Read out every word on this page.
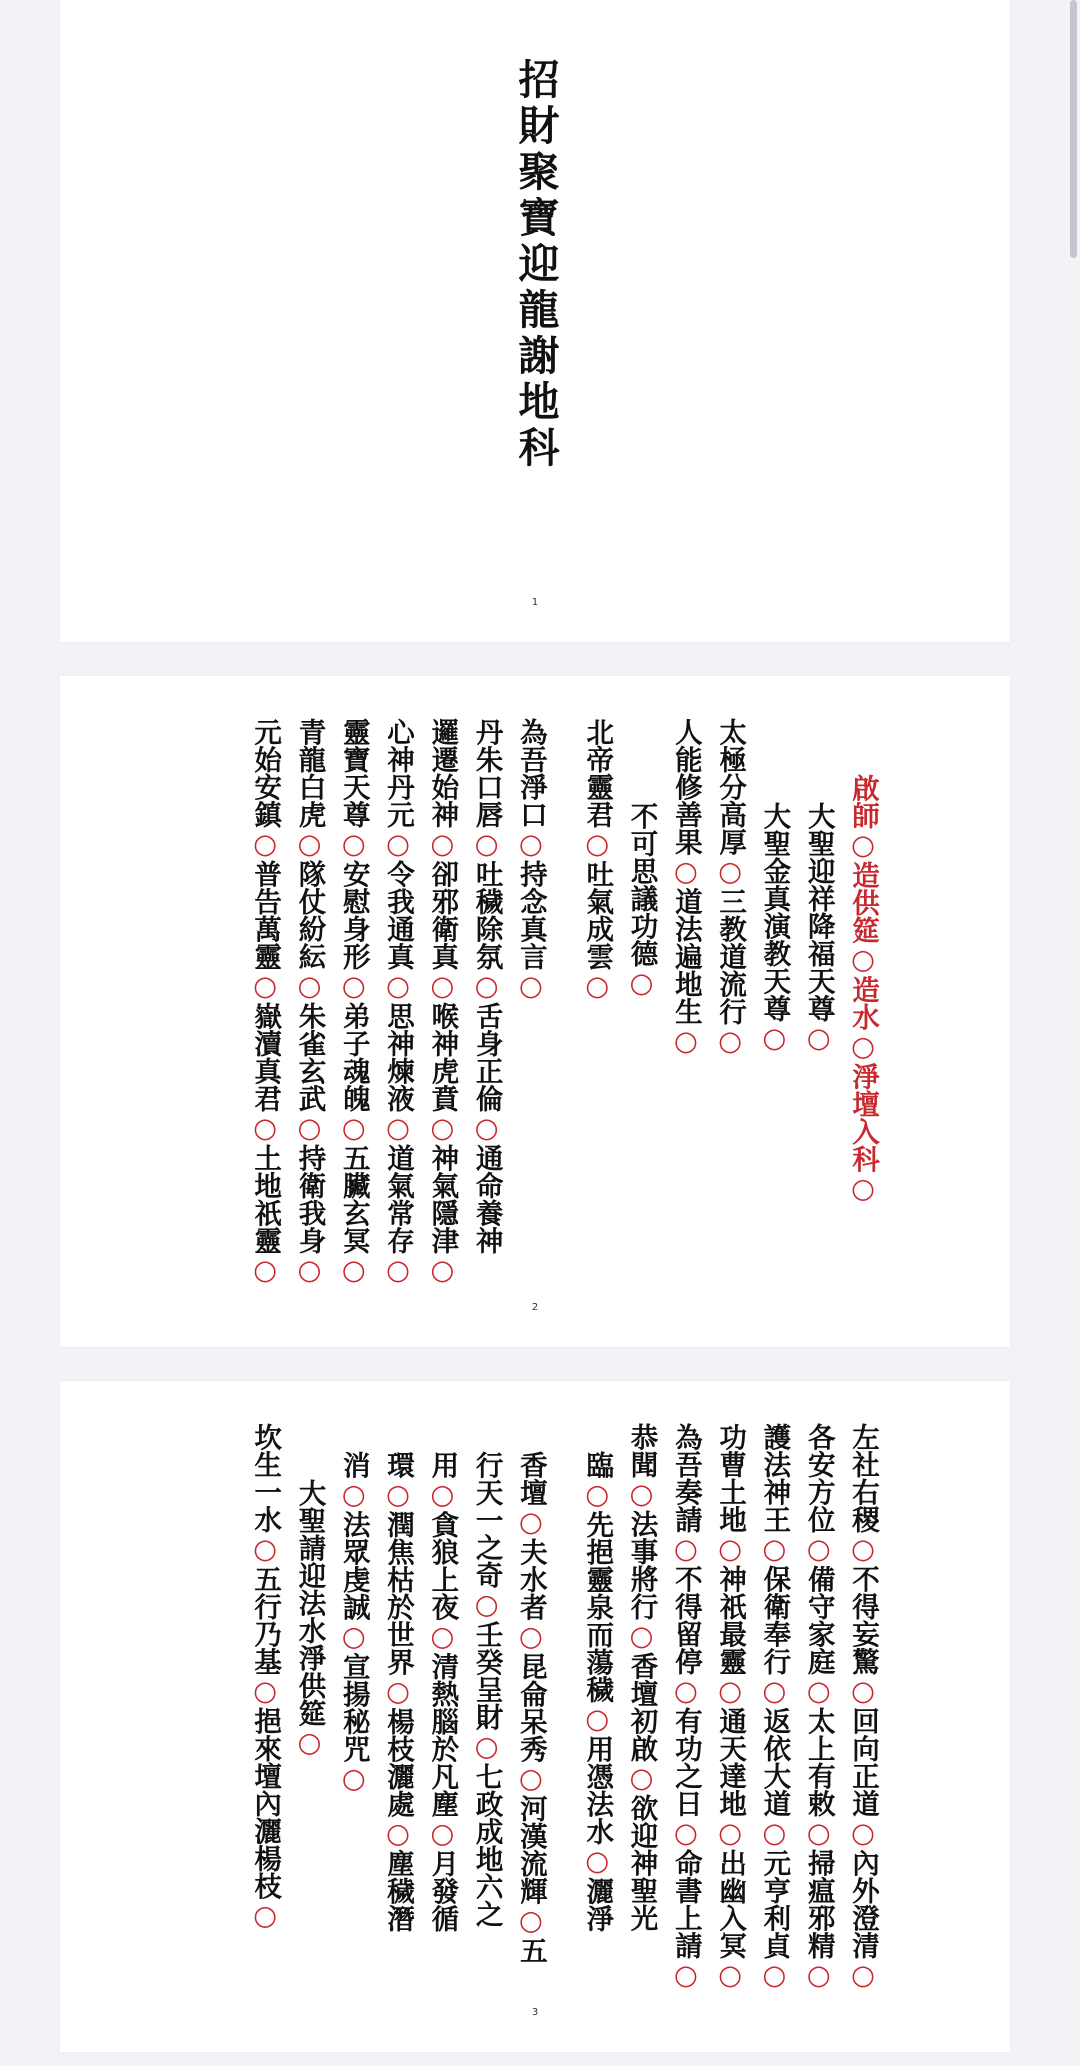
招財聚寶迎龍謝地科
1
啟師○造供筵○造水○淨壇入科○
大聖迎祥降福天尊○
大聖金真演教天尊○
太極分高厚○三教道流行○
人能修善果○道法遍地生○
不可思議功德○
北帝靈君○吐氣成雲○
為吾淨口○持念真言○
丹朱口唇○吐穢除氛○舌身正倫○通命養神
邏遷始神○卻邪衛真○喉神虎賁○神氣隱津○
心神丹元○令我通真○思神煉液○道氣常存○
靈寶天尊○安慰身形○弟子魂魄○五臟玄冥○
青龍白虎○隊仗紛紜○朱雀玄武○持衛我身○
元始安鎮○普告萬靈○嶽瀆真君○土地祇靈○
2
左社右稷○不得妄驚○回向正道○內外澄清○
各安方位○備守家庭○太上有敕○掃瘟邪精○
護法神王○保衛奉行○返依大道○元亨利貞○
功曹土地○神祇最靈○通天達地○出幽入冥○
為吾奏請○不得留停○有功之日○命書上請○
恭聞○法事將行○香壇初啟○欲迎神聖光
臨○先挹靈泉而蕩穢○用憑法水○灑淨
香壇○夫水者○昆侖呆秀○河漢流輝○五
行天一之奇○壬癸呈財○七政成地六之
用○貪狼上夜○清熱腦於凡塵○月發循
環○潤焦枯於世界○楊枝灑處○塵穢潛
消○法眾虔誠○宣揚秘咒○
大聖請迎法水淨供筵○
坎生一水○五行乃基○挹來壇內灑楊枝○
3
